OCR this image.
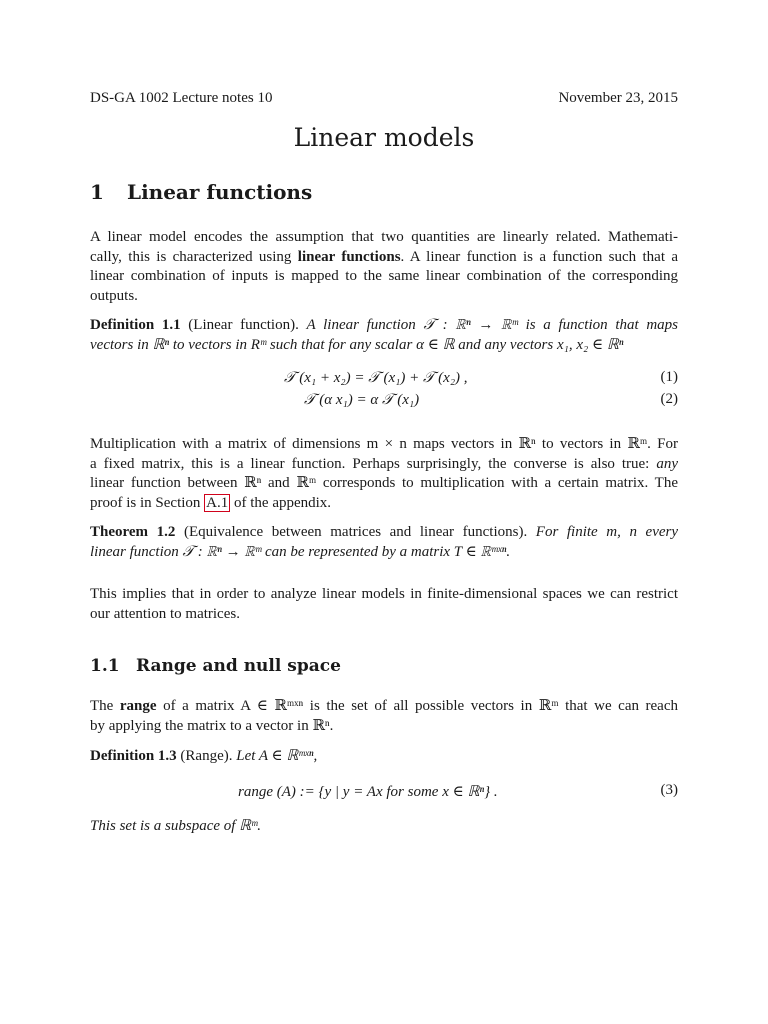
DS-GA 1002 Lecture notes 10	November 23, 2015
Linear models
1 Linear functions
A linear model encodes the assumption that two quantities are linearly related. Mathemati-
cally, this is characterized using linear functions. A linear function is a function such that a
linear combination of inputs is mapped to the same linear combination of the corresponding
outputs.
Definition 1.1 (Linear function). A linear function 𝒯 : ℝⁿ → ℝᵐ is a function that maps
vectors in ℝⁿ to vectors in Rᵐ such that for any scalar α ∈ ℝ and any vectors x₁, x₂ ∈ ℝⁿ
𝒯 (x₁ + x₂) = 𝒯 (x₁) + 𝒯 (x₂) ,	(1)
𝒯 (α x₁) = α 𝒯 (x₁)	(2)
Multiplication with a matrix of dimensions m × n maps vectors in ℝⁿ to vectors in ℝᵐ. For
a fixed matrix, this is a linear function. Perhaps surprisingly, the converse is also true: any
linear function between ℝⁿ and ℝᵐ corresponds to multiplication with a certain matrix. The
proof is in Section A.1 of the appendix.
Theorem 1.2 (Equivalence between matrices and linear functions). For finite m, n every
linear function 𝒯 : ℝⁿ → ℝᵐ can be represented by a matrix T ∈ ℝᵐˣⁿ.
This implies that in order to analyze linear models in finite-dimensional spaces we can restrict
our attention to matrices.
1.1 Range and null space
The range of a matrix A ∈ ℝᵐˣⁿ is the set of all possible vectors in ℝᵐ that we can reach
by applying the matrix to a vector in ℝⁿ.
Definition 1.3 (Range). Let A ∈ ℝᵐˣⁿ,
range (A) := {y | y = Ax for some x ∈ ℝⁿ} .	(3)
This set is a subspace of ℝᵐ.
